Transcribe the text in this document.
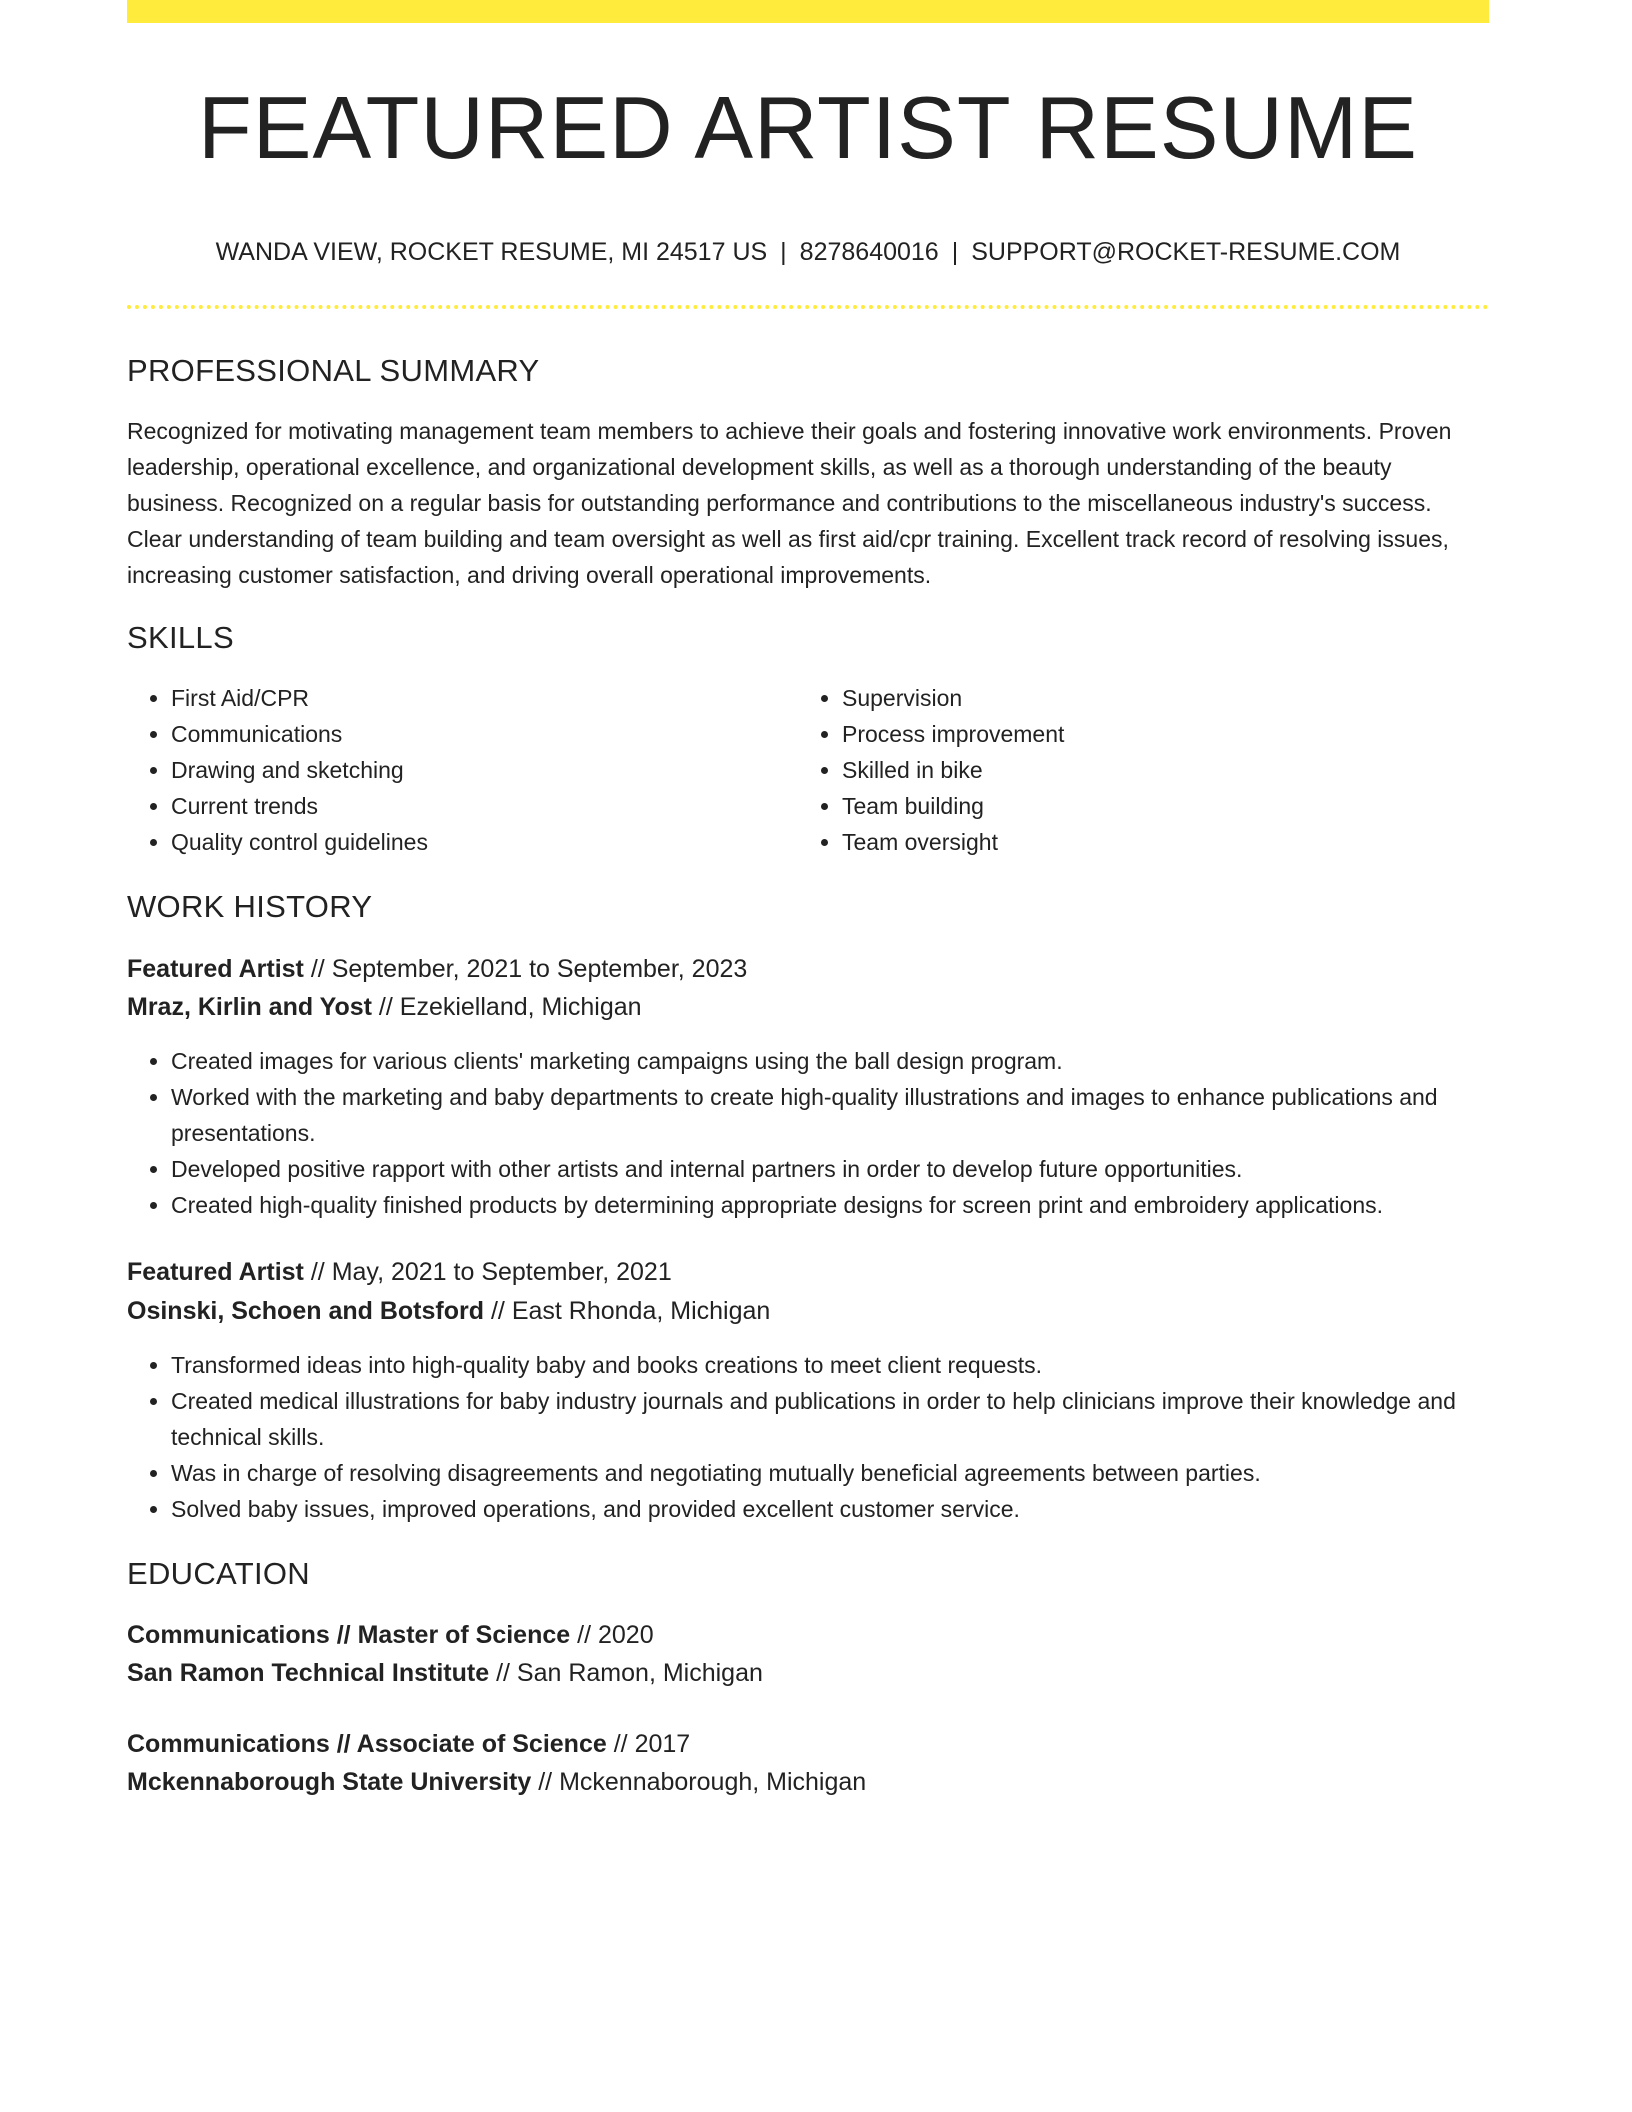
FEATURED ARTIST RESUME
WANDA VIEW, ROCKET RESUME, MI 24517 US | 8278640016 | SUPPORT@ROCKET-RESUME.COM
PROFESSIONAL SUMMARY
Recognized for motivating management team members to achieve their goals and fostering innovative work environments. Proven leadership, operational excellence, and organizational development skills, as well as a thorough understanding of the beauty business. Recognized on a regular basis for outstanding performance and contributions to the miscellaneous industry's success. Clear understanding of team building and team oversight as well as first aid/cpr training. Excellent track record of resolving issues, increasing customer satisfaction, and driving overall operational improvements.
SKILLS
• First Aid/CPR
• Communications
• Drawing and sketching
• Current trends
• Quality control guidelines
• Supervision
• Process improvement
• Skilled in bike
• Team building
• Team oversight
WORK HISTORY
Featured Artist // September, 2021 to September, 2023
Mraz, Kirlin and Yost // Ezekielland, Michigan
• Created images for various clients' marketing campaigns using the ball design program.
• Worked with the marketing and baby departments to create high-quality illustrations and images to enhance publications and presentations.
• Developed positive rapport with other artists and internal partners in order to develop future opportunities.
• Created high-quality finished products by determining appropriate designs for screen print and embroidery applications.
Featured Artist // May, 2021 to September, 2021
Osinski, Schoen and Botsford // East Rhonda, Michigan
• Transformed ideas into high-quality baby and books creations to meet client requests.
• Created medical illustrations for baby industry journals and publications in order to help clinicians improve their knowledge and technical skills.
• Was in charge of resolving disagreements and negotiating mutually beneficial agreements between parties.
• Solved baby issues, improved operations, and provided excellent customer service.
EDUCATION
Communications // Master of Science // 2020
San Ramon Technical Institute // San Ramon, Michigan
Communications // Associate of Science // 2017
Mckennaborough State University // Mckennaborough, Michigan
